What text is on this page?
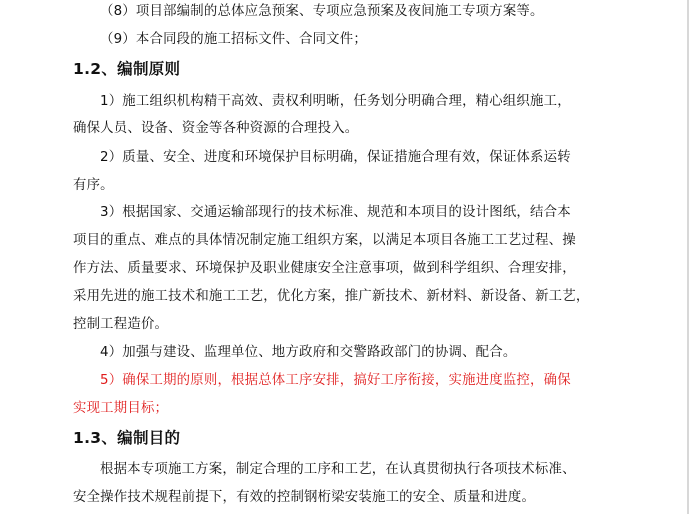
（8）项目部编制的总体应急预案、专项应急预案及夜间施工专项方案等。
（9）本合同段的施工招标文件、合同文件；
1.2、编制原则
1）施工组织机构精干高效、责权利明晰，任务划分明确合理，精心组织施工，
确保人员、设备、资金等各种资源的合理投入。
2）质量、安全、进度和环境保护目标明确，保证措施合理有效，保证体系运转
有序。
3）根据国家、交通运输部现行的技术标准、规范和本项目的设计图纸，结合本
项目的重点、难点的具体情况制定施工组织方案，以满足本项目各施工工艺过程、操
作方法、质量要求、环境保护及职业健康安全注意事项，做到科学组织、合理安排，
采用先进的施工技术和施工工艺，优化方案，推广新技术、新材料、新设备、新工艺，
控制工程造价。
4）加强与建设、监理单位、地方政府和交警路政部门的协调、配合。
5）确保工期的原则，根据总体工序安排，搞好工序衔接，实施进度监控，确保
实现工期目标；
1.3、编制目的
根据本专项施工方案，制定合理的工序和工艺，在认真贯彻执行各项技术标准、
安全操作技术规程前提下，有效的控制钢桁梁安装施工的安全、质量和进度。
